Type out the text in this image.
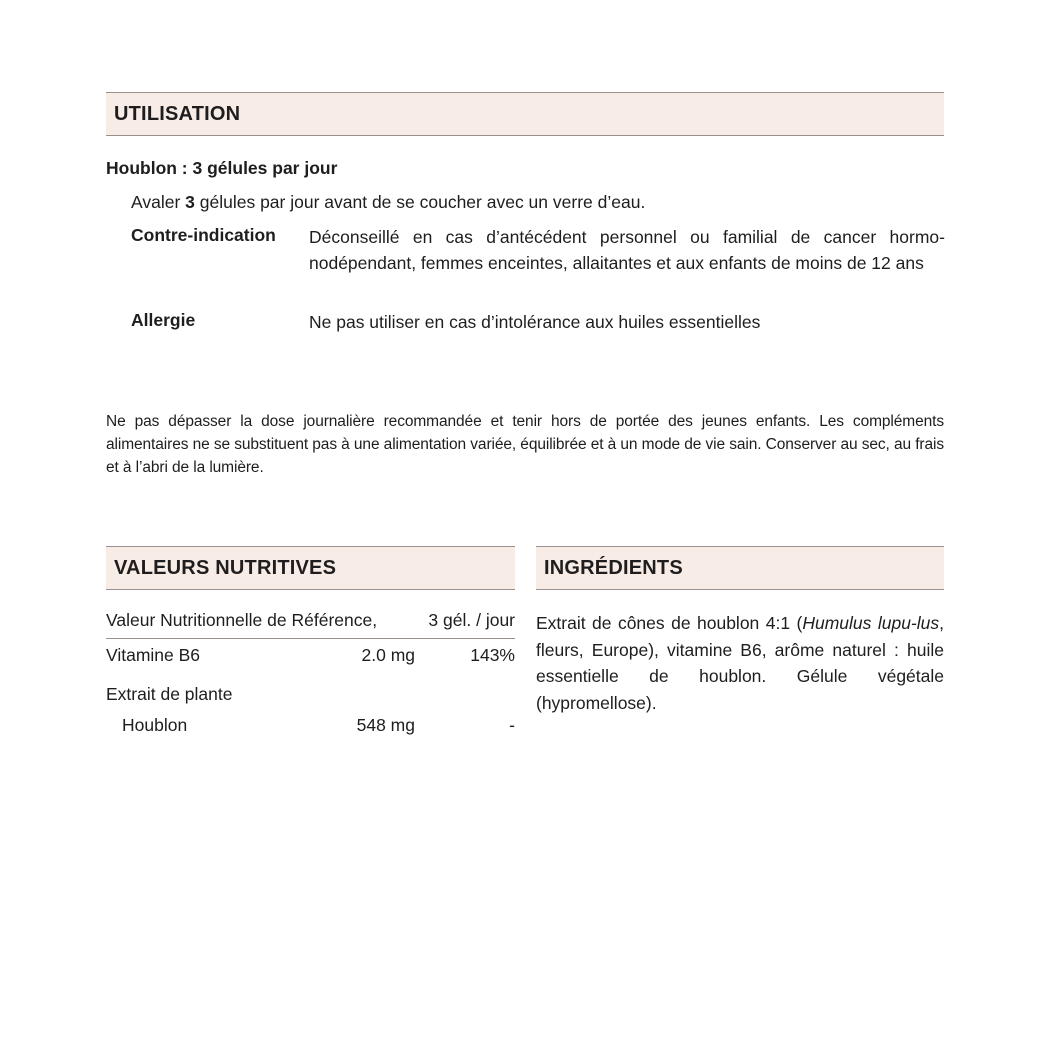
UTILISATION
Houblon : 3 gélules par jour
Avaler 3 gélules par jour avant de se coucher avec un verre d’eau.
Contre-indication Déconseillé en cas d’antécédent personnel ou familial de cancer hormo-nodépendant, femmes enceintes, allaitantes et aux enfants de moins de 12 ans
Allergie	Ne pas utiliser en cas d’intolérance aux huiles essentielles
Ne pas dépasser la dose journalière recommandée et tenir hors de portée des jeunes enfants. Les compléments alimentaires ne se substituent pas à une alimentation variée, équilibrée et à un mode de vie sain. Conserver au sec, au frais et à l’abri de la lumière.
VALEURS NUTRITIVES
Valeur Nutritionnelle de Référence,	3 gél. / jour
Vitamine B6	2.0 mg	143%
Extrait de plante
Houblon	548 mg	-
INGRÉDIENTS
Extrait de cônes de houblon 4:1 (Humulus lupu-lus, fleurs, Europe), vitamine B6, arôme naturel : huile essentielle de houblon. Gélule végétale (hypromellose).
